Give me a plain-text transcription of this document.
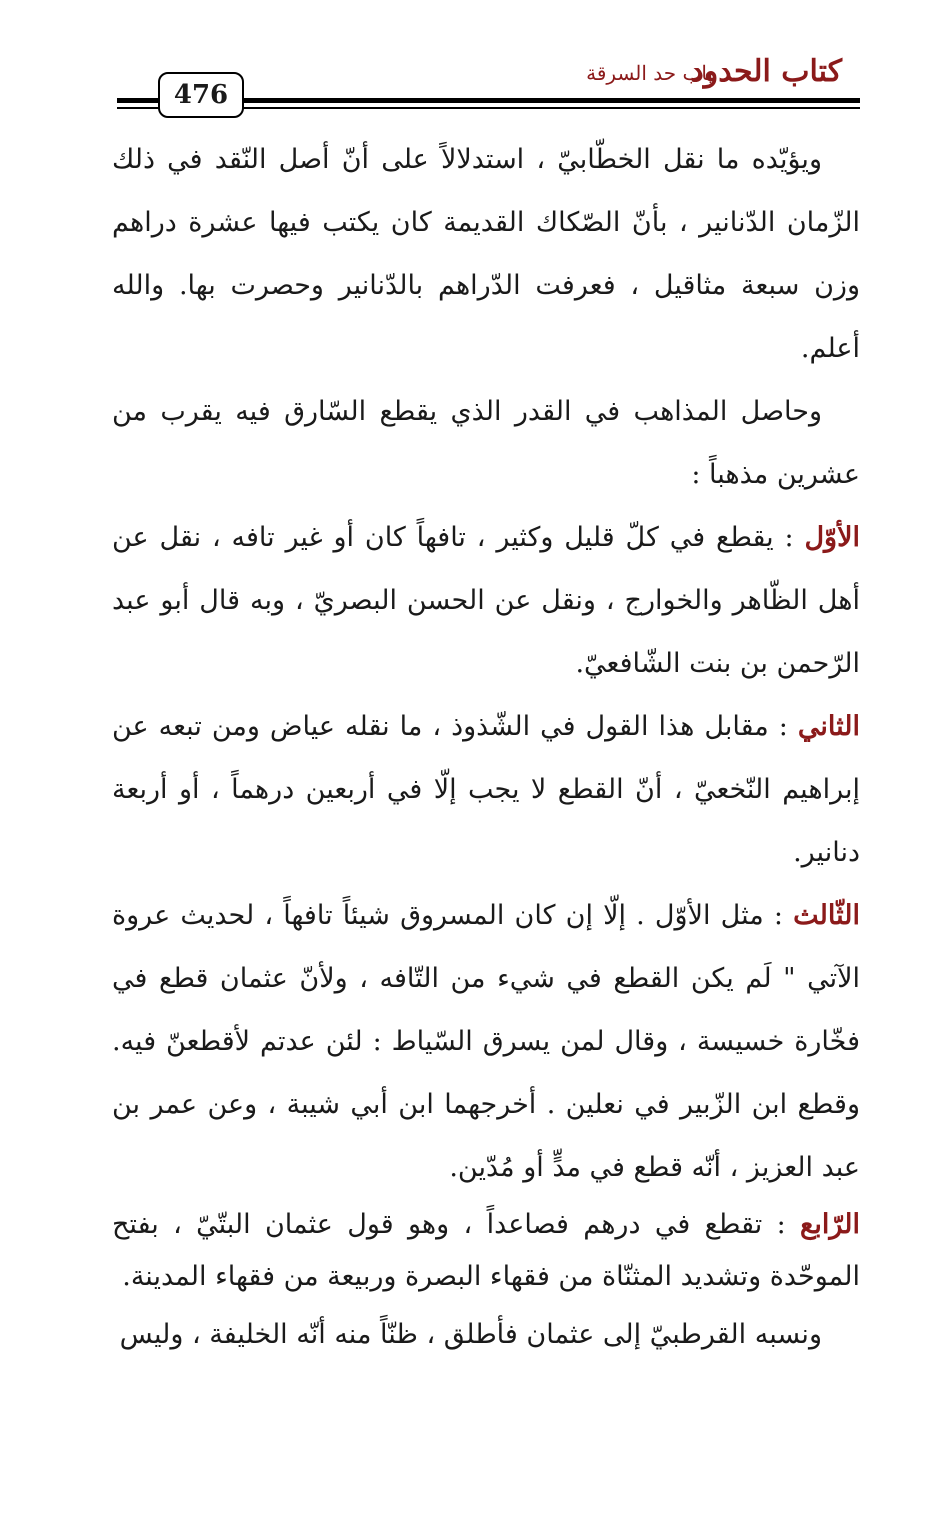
كتاب الحدود
باب حد السرقة
476

ويؤيّده ما نقل الخطّابيّ ، استدلالاً على أنّ أصل النّقد في ذلك الزّمان الدّنانير ، بأنّ الصّكاك القديمة كان يكتب فيها عشرة دراهم وزن سبعة مثاقيل ، فعرفت الدّراهم بالدّنانير وحصرت بها. والله أعلم.

وحاصل المذاهب في القدر الذي يقطع السّارق فيه يقرب من عشرين مذهباً :

الأوّل : يقطع في كلّ قليل وكثير ، تافهاً كان أو غير تافه ، نقل عن أهل الظّاهر والخوارج ، ونقل عن الحسن البصريّ ، وبه قال أبو عبد الرّحمن بن بنت الشّافعيّ.

الثاني : مقابل هذا القول في الشّذوذ ، ما نقله عياض ومن تبعه عن إبراهيم النّخعيّ ، أنّ القطع لا يجب إلّا في أربعين درهماً ، أو أربعة دنانير.

الثّالث : مثل الأوّل . إلّا إن كان المسروق شيئاً تافهاً ، لحديث عروة الآتي " لَم يكن القطع في شيء من التّافه ، ولأنّ عثمان قطع في فخّارة خسيسة ، وقال لمن يسرق السّياط : لئن عدتم لأقطعنّ فيه. وقطع ابن الزّبير في نعلين . أخرجهما ابن أبي شيبة ، وعن عمر بن عبد العزيز ، أنّه قطع في مدٍّ أو مُدّين.

الرّابع : تقطع في درهم فصاعداً ، وهو قول عثمان البتّيّ ، بفتح الموحّدة وتشديد المثنّاة من فقهاء البصرة وربيعة من فقهاء المدينة.

ونسبه القرطبيّ إلى عثمان فأطلق ، ظنّاً منه أنّه الخليفة ، وليس
